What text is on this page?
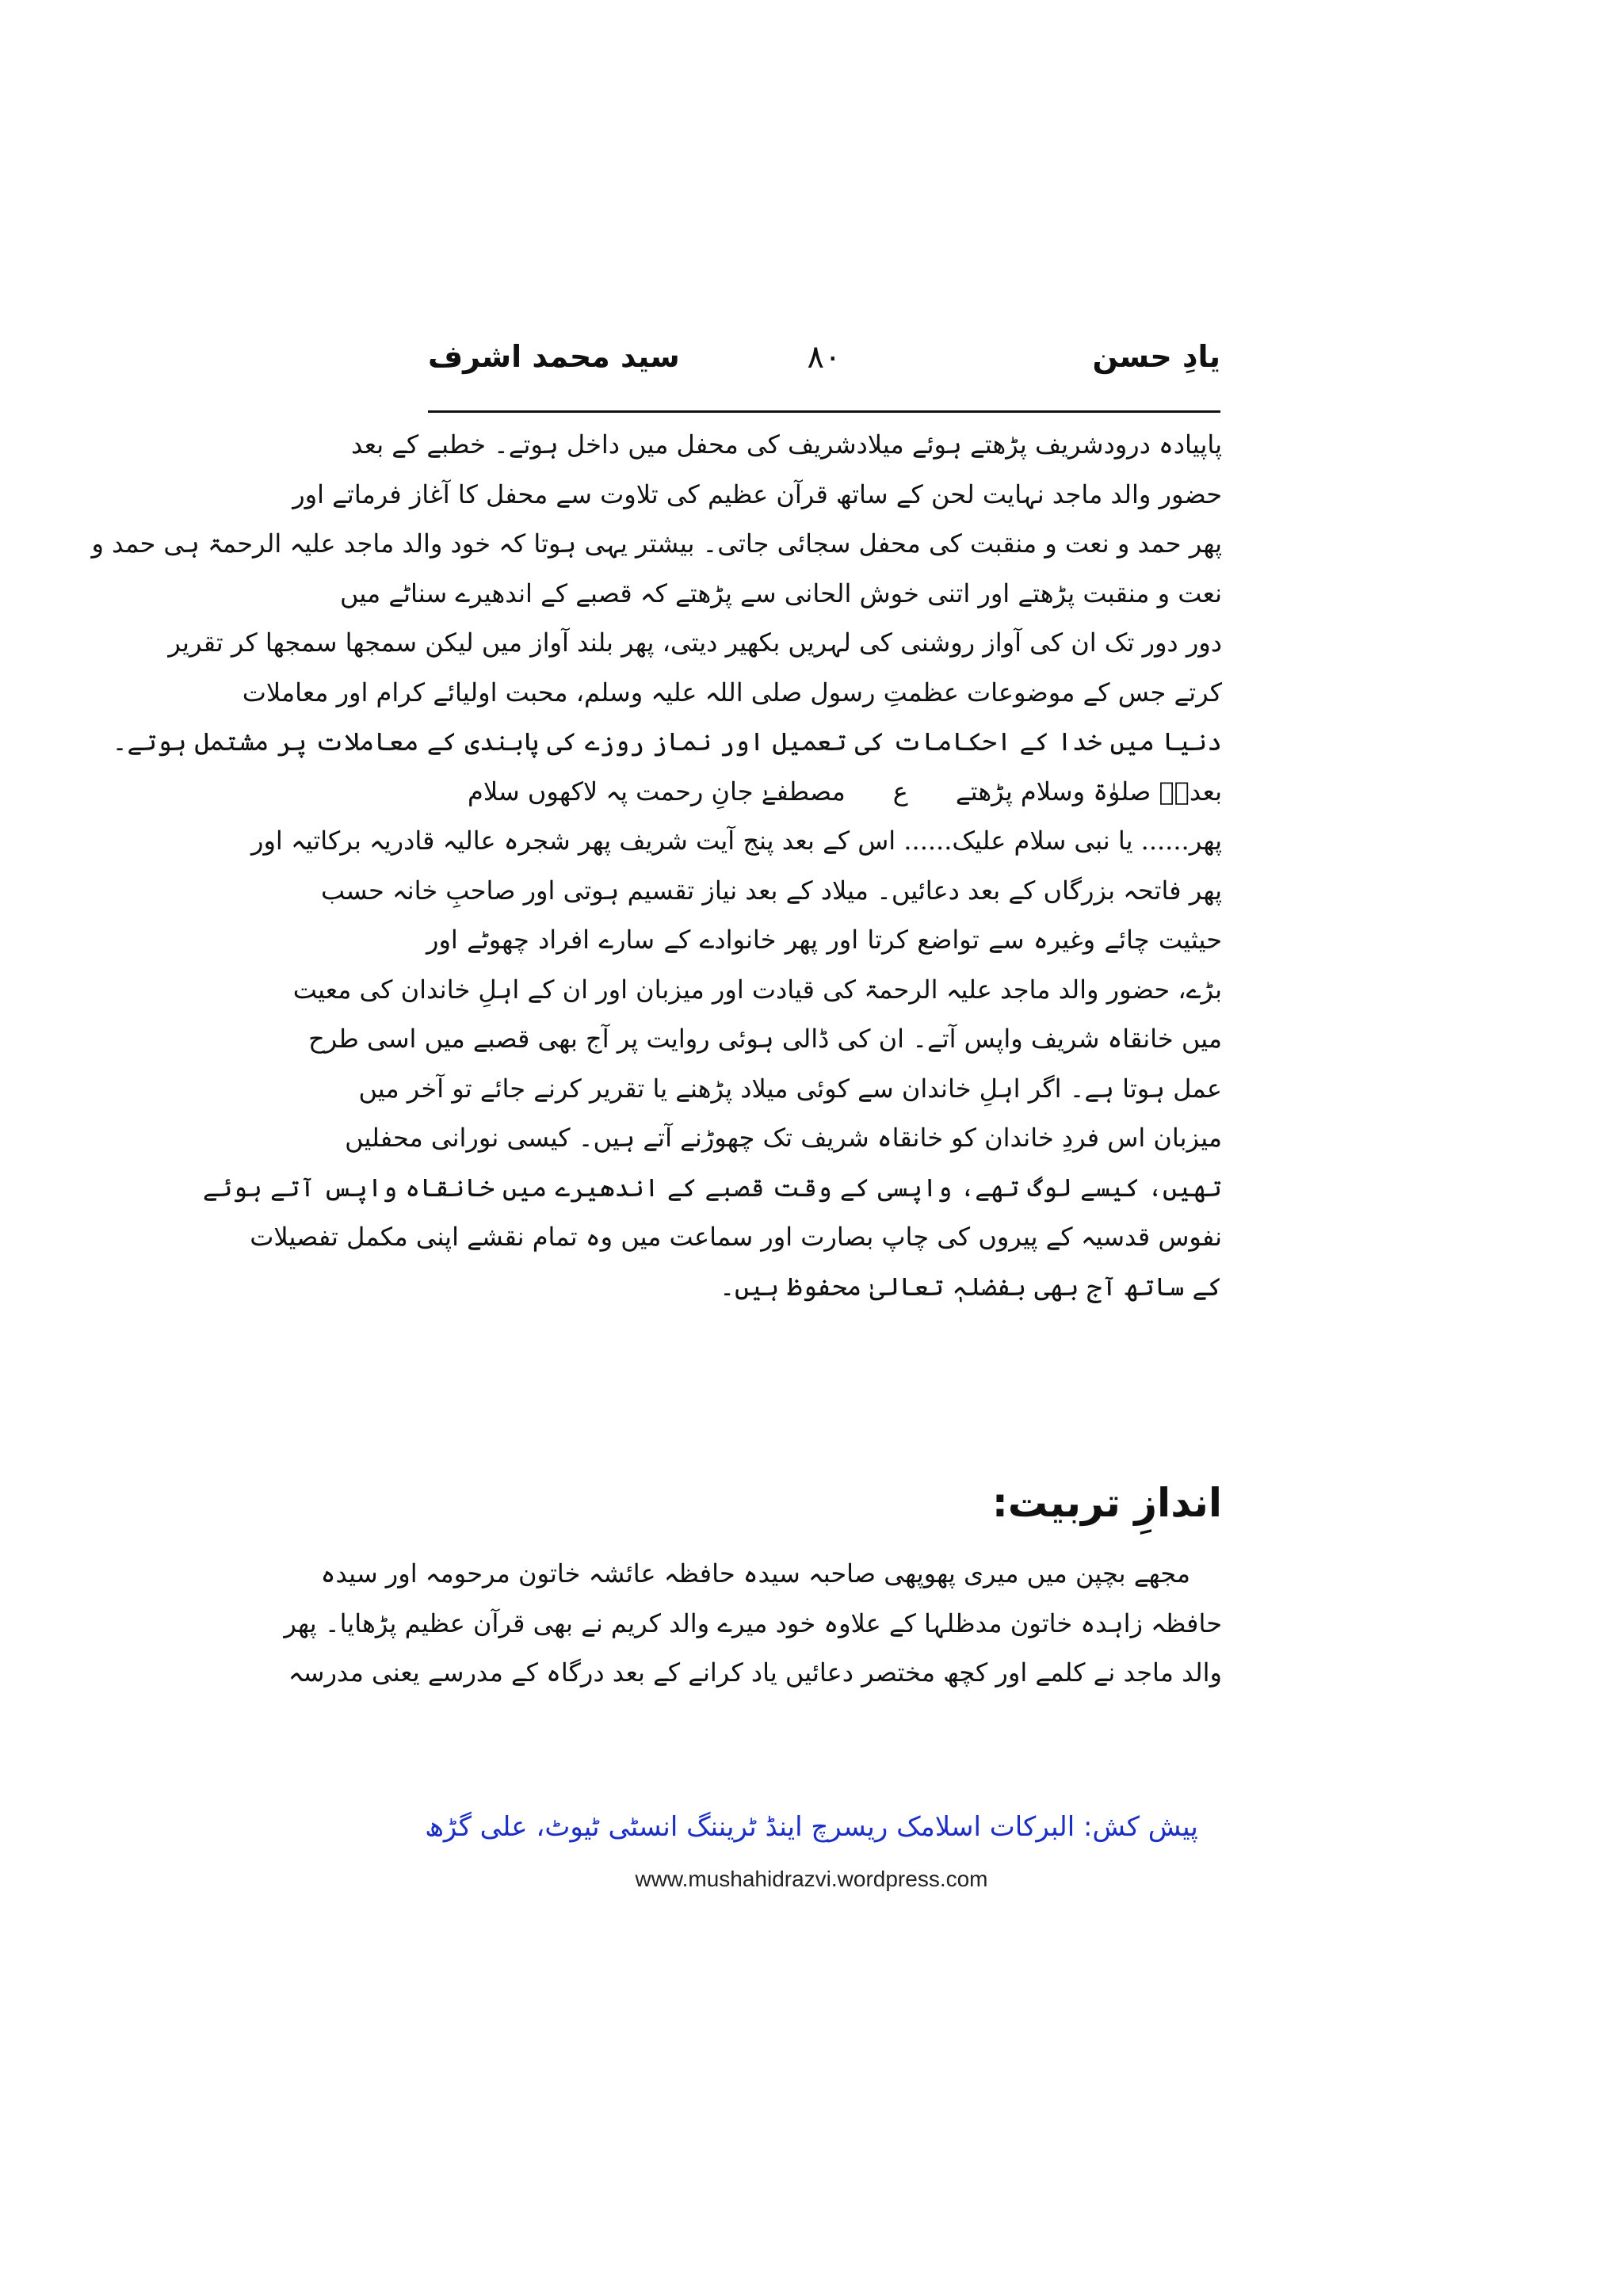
یادِ حسن
۸۰
سید محمد اشرف
پاپیادہ درودشریف پڑھتے ہوئے میلادشریف کی محفل میں داخل ہوتے۔ خطبے کے بعد
حضور والد ماجد نہایت لحن کے ساتھ قرآن عظیم کی تلاوت سے محفل کا آغاز فرماتے اور
پھر حمد و نعت و منقبت کی محفل سجائی جاتی۔ بیشتر یہی ہوتا کہ خود والد ماجد علیہ الرحمۃ ہی حمد و
نعت و منقبت پڑھتے اور اتنی خوش الحانی سے پڑھتے کہ قصبے کے اندھیرے سناٹے میں
دور دور تک ان کی آواز روشنی کی لہریں بکھیر دیتی، پھر بلند آواز میں لیکن سمجھا سمجھا کر تقریر
کرتے جس کے موضوعات عظمتِ رسول صلی اللہ علیہ وسلم، محبت اولیائے کرام اور معاملات
دنیا میں خدا کے احکامات کی تعمیل اور نماز روزے کی پابندی کے معاملات پر مشتمل ہوتے۔
بعدہٗ صلوٰۃ وسلام پڑھتے
ع
مصطفےٰ جانِ رحمت پہ لاکھوں سلام
پھر...... یا نبی سلام علیک...... اس کے بعد پنج آیت شریف پھر شجرہ عالیہ قادریہ برکاتیہ اور
پھر فاتحہ بزرگاں کے بعد دعائیں۔ میلاد کے بعد نیاز تقسیم ہوتی اور صاحبِ خانہ حسب
حیثیت چائے وغیرہ سے تواضع کرتا اور پھر خانوادے کے سارے افراد چھوٹے اور
بڑے، حضور والد ماجد علیہ الرحمۃ کی قیادت اور میزبان اور ان کے اہلِ خاندان کی معیت
میں خانقاہ شریف واپس آتے۔ ان کی ڈالی ہوئی روایت پر آج بھی قصبے میں اسی طرح
عمل ہوتا ہے۔ اگر اہلِ خاندان سے کوئی میلاد پڑھنے یا تقریر کرنے جائے تو آخر میں
میزبان اس فردِ خاندان کو خانقاہ شریف تک چھوڑنے آتے ہیں۔ کیسی نورانی محفلیں
تھیں، کیسے لوگ تھے، واپسی کے وقت قصبے کے اندھیرے میں خانقاہ واپس آتے ہوئے
نفوس قدسیہ کے پیروں کی چاپ بصارت اور سماعت میں وہ تمام نقشے اپنی مکمل تفصیلات
کے ساتھ آج بھی بفضلہٖ تعالیٰ محفوظ ہیں۔
اندازِ تربیت:
مجھے بچپن میں میری پھوپھی صاحبہ سیدہ حافظہ عائشہ خاتون مرحومہ اور سیدہ
حافظہ زاہدہ خاتون مدظلہا کے علاوہ خود میرے والد کریم نے بھی قرآن عظیم پڑھایا۔ پھر
والد ماجد نے کلمے اور کچھ مختصر دعائیں یاد کرانے کے بعد درگاہ کے مدرسے یعنی مدرسہ
پیش کش: البرکات اسلامک ریسرچ اینڈ ٹریننگ انسٹی ٹیوٹ، علی گڑھ
www.mushahidrazvi.wordpress.com
